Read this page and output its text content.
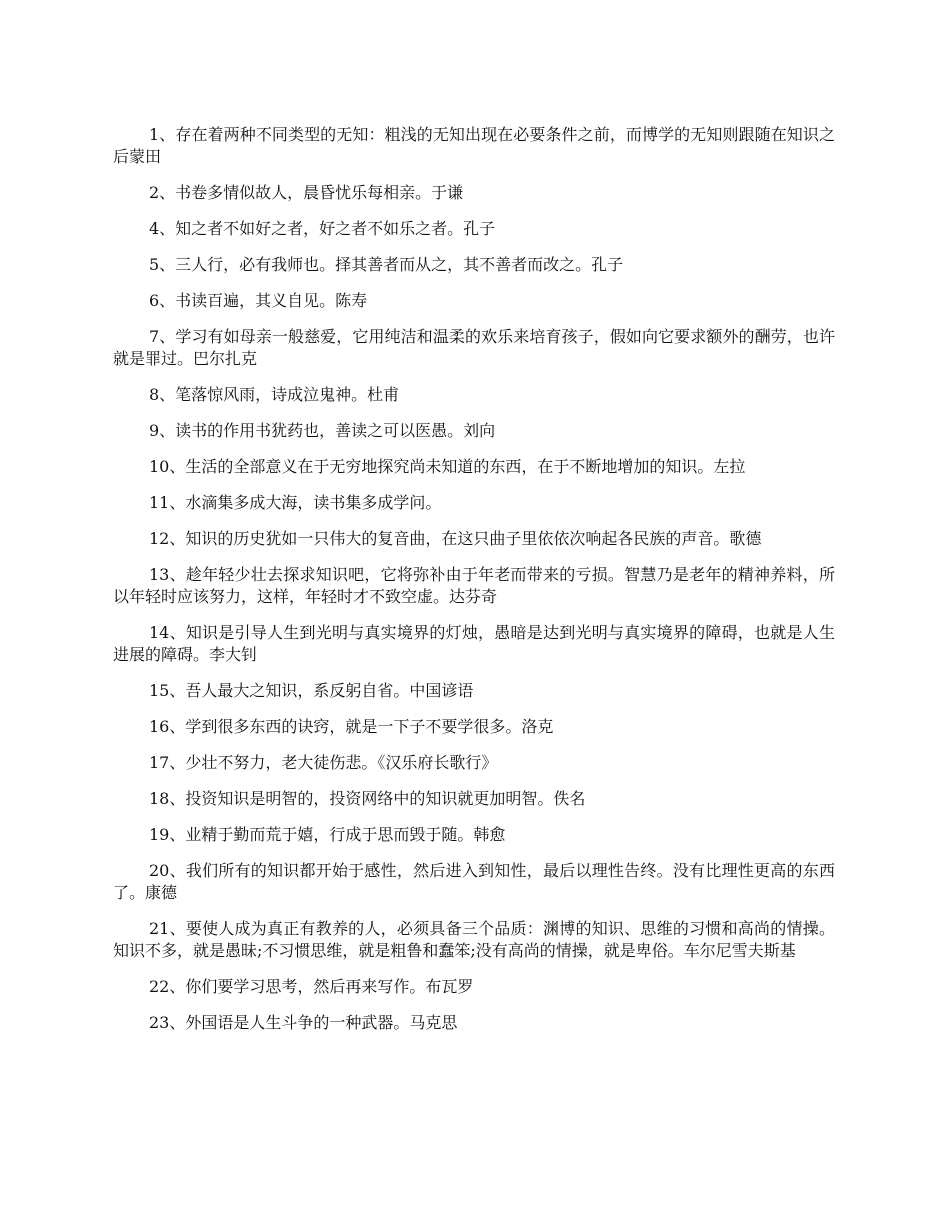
1、存在着两种不同类型的无知：粗浅的无知出现在必要条件之前，而博学的无知则跟随在知识之后蒙田

2、书卷多情似故人，晨昏忧乐每相亲。于谦

4、知之者不如好之者，好之者不如乐之者。孔子

5、三人行，必有我师也。择其善者而从之，其不善者而改之。孔子

6、书读百遍，其义自见。陈寿

7、学习有如母亲一般慈爱，它用纯洁和温柔的欢乐来培育孩子，假如向它要求额外的酬劳，也许就是罪过。巴尔扎克

8、笔落惊风雨，诗成泣鬼神。杜甫

9、读书的作用书犹药也，善读之可以医愚。刘向

10、生活的全部意义在于无穷地探究尚未知道的东西，在于不断地增加的知识。左拉

11、水滴集多成大海，读书集多成学问。

12、知识的历史犹如一只伟大的复音曲，在这只曲子里依依次响起各民族的声音。歌德

13、趁年轻少壮去探求知识吧，它将弥补由于年老而带来的亏损。智慧乃是老年的精神养料，所以年轻时应该努力，这样，年轻时才不致空虚。达芬奇

14、知识是引导人生到光明与真实境界的灯烛，愚暗是达到光明与真实境界的障碍，也就是人生进展的障碍。李大钊

15、吾人最大之知识，系反躬自省。中国谚语

16、学到很多东西的诀窍，就是一下子不要学很多。洛克

17、少壮不努力，老大徒伤悲。《汉乐府长歌行》

18、投资知识是明智的，投资网络中的知识就更加明智。佚名

19、业精于勤而荒于嬉，行成于思而毁于随。韩愈

20、我们所有的知识都开始于感性，然后进入到知性，最后以理性告终。没有比理性更高的东西了。康德

21、要使人成为真正有教养的人，必须具备三个品质：渊博的知识、思维的习惯和高尚的情操。知识不多，就是愚昧;不习惯思维，就是粗鲁和蠢笨;没有高尚的情操，就是卑俗。车尔尼雪夫斯基

22、你们要学习思考，然后再来写作。布瓦罗

23、外国语是人生斗争的一种武器。马克思
